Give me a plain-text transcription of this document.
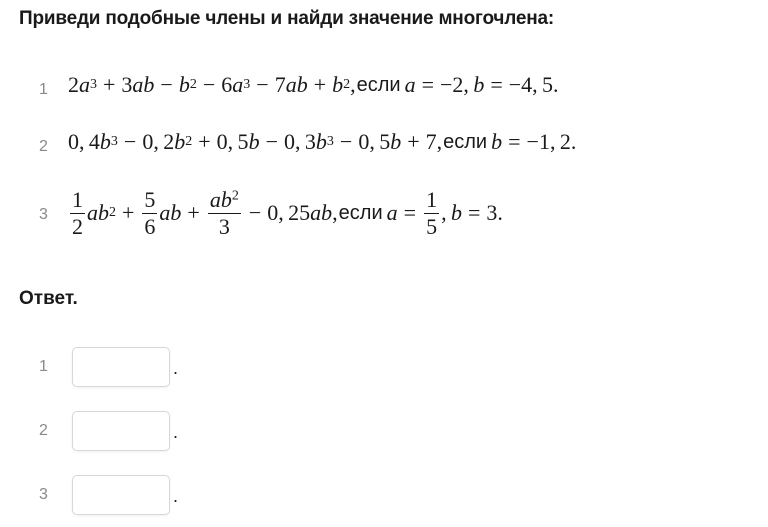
Приведи подобные члены и найди значение многочлена:
1 2 a 3 + 3 ab − b 2 − 6 a 3 − 7 ab + b 2 , если a = −2,  b = −4, 5.
2 0, 4 b 3 − 0, 2 b 2 + 0, 5 b − 0, 3 b 3 − 0, 5 b + 7, если b = −1, 2.
$3 \frac{1}{2}$ ab $2 + \frac{5}{6}$ ab + $\frac{ab^2}{3} - 0$, 25 ab , если $a = \frac{1}{5}$ ,  b = 3.
Ответ.
1	.
2	.
3	.
